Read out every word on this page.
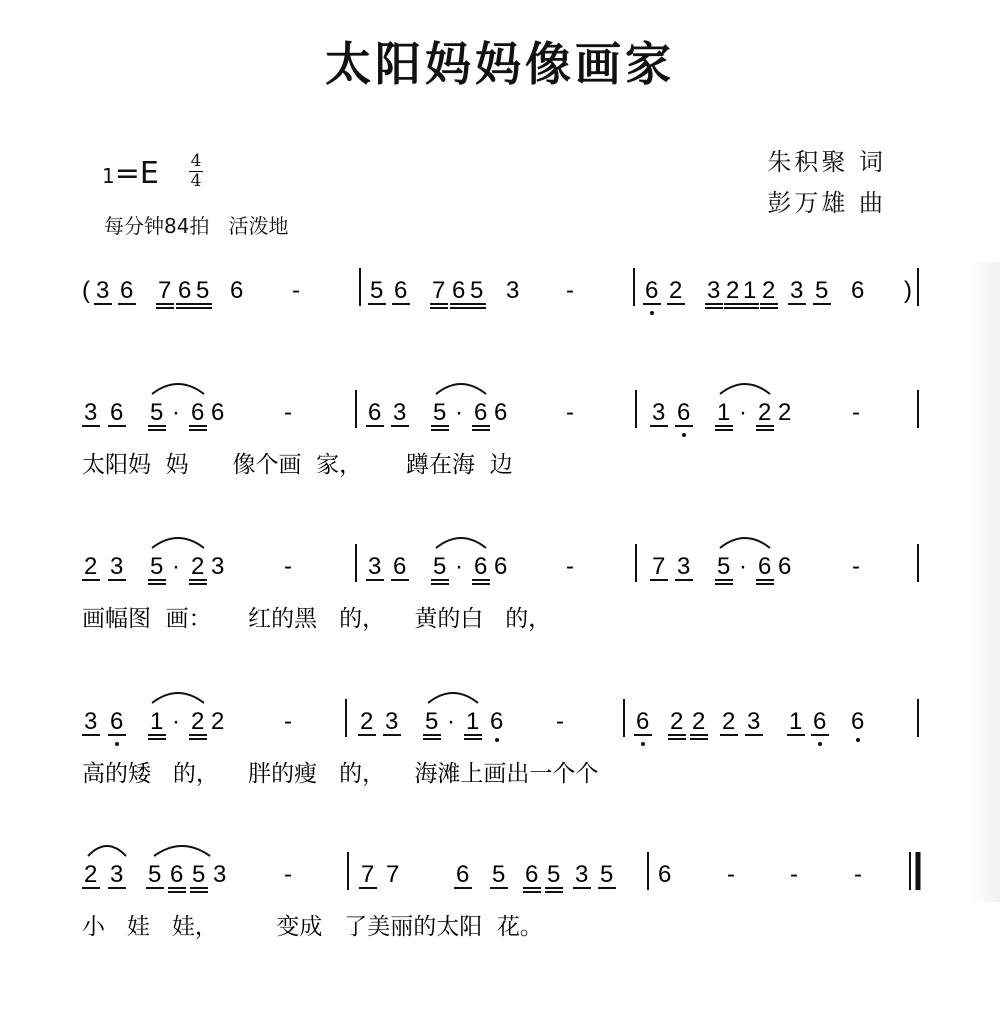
太阳妈妈像画家
1=E 4
4
每分钟84拍   活泼地
朱积聚 词
彭万雄 曲
( 3 6 7 6 5 6 -	5 6 7 6 5 3 -	6 2 3 2 1 2 3 5 6 )
3 6 5 · 6 6 -	6 3 5 · 6 6 -	3 6 1 · 2 2	-
太阳妈  妈      像个画  家，      蹲在海  边
2 3 5 · 2 3 -	3 6 5 · 6 6 -	7 3 5 · 6 6	-
画幅图  画：     红的黑   的，    黄的白   的，
3 6 1 · 2 2 -	2 3 5 · 1 6 -	6 2 2 2 3 1 6 6
高的矮   的，    胖的瘦   的，    海滩上画出一个个
2 3 5 6 5 3 -	7 7 6 5 6 5 3 5 6 - - -
小   娃   娃，        变成   了美丽的太阳  花。
